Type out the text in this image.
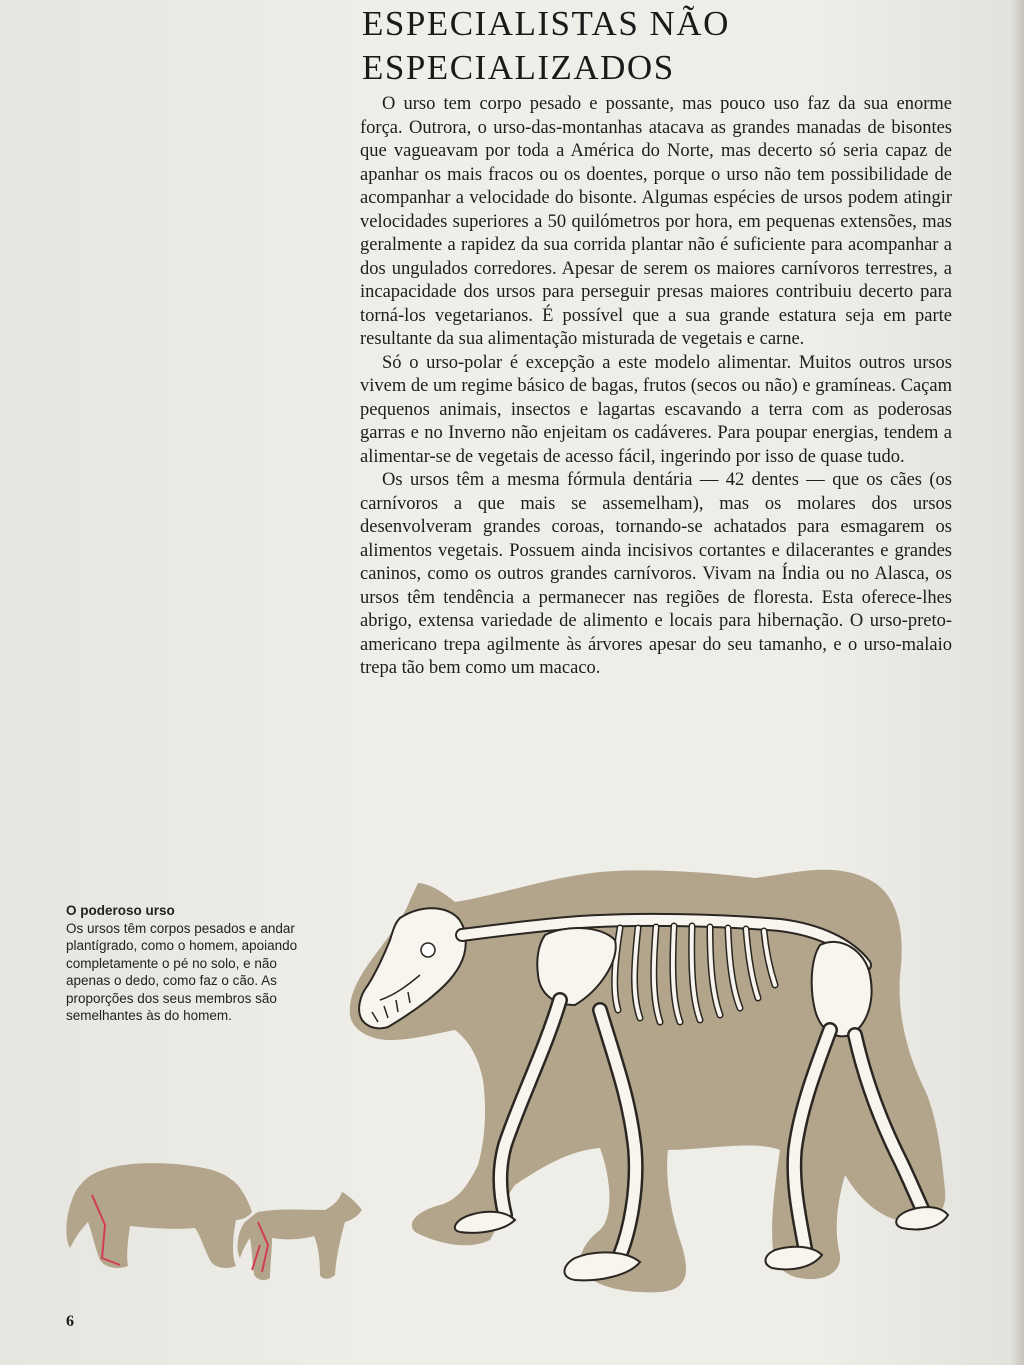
ESPECIALISTAS NÃO
ESPECIALIZADOS

O urso tem corpo pesado e possante, mas pouco uso faz da sua enorme força. Outrora, o urso-das-montanhas atacava as grandes manadas de bisontes que vagueavam por toda a América do Norte, mas decerto só seria capaz de apanhar os mais fracos ou os doentes, porque o urso não tem possibilidade de acompanhar a velocidade do bisonte. Algumas espécies de ursos podem atingir velocidades superiores a 50 quilómetros por hora, em pequenas extensões, mas geralmente a rapidez da sua corrida plantar não é suficiente para acompanhar a dos ungulados corredores. Apesar de serem os maiores carnívoros terrestres, a incapacidade dos ursos para perseguir presas maiores contribuiu decerto para torná-los vegetarianos. É possível que a sua grande estatura seja em parte resultante da sua alimentação misturada de vegetais e carne.

Só o urso-polar é excepção a este modelo alimentar. Muitos outros ursos vivem de um regime básico de bagas, frutos (secos ou não) e gramíneas. Caçam pequenos animais, insectos e lagartas escavando a terra com as poderosas garras e no Inverno não enjeitam os cadáveres. Para poupar energias, tendem a alimentar-se de vegetais de acesso fácil, ingerindo por isso de quase tudo.

Os ursos têm a mesma fórmula dentária — 42 dentes — que os cães (os carnívoros a que mais se assemelham), mas os molares dos ursos desenvolveram grandes coroas, tornando-se achatados para esmagarem os alimentos vegetais. Possuem ainda incisivos cortantes e dilacerantes e grandes caninos, como os outros grandes carnívoros. Vivam na Índia ou no Alasca, os ursos têm tendência a permanecer nas regiões de floresta. Esta oferece-lhes abrigo, extensa variedade de alimento e locais para hibernação. O urso-preto-americano trepa agilmente às árvores apesar do seu tamanho, e o urso-malaio trepa tão bem como um macaco.

O poderoso urso
Os ursos têm corpos pesados e andar plantígrado, como o homem, apoiando completamente o pé no solo, e não apenas o dedo, como faz o cão. As proporções dos seus membros são semelhantes às do homem.
6
